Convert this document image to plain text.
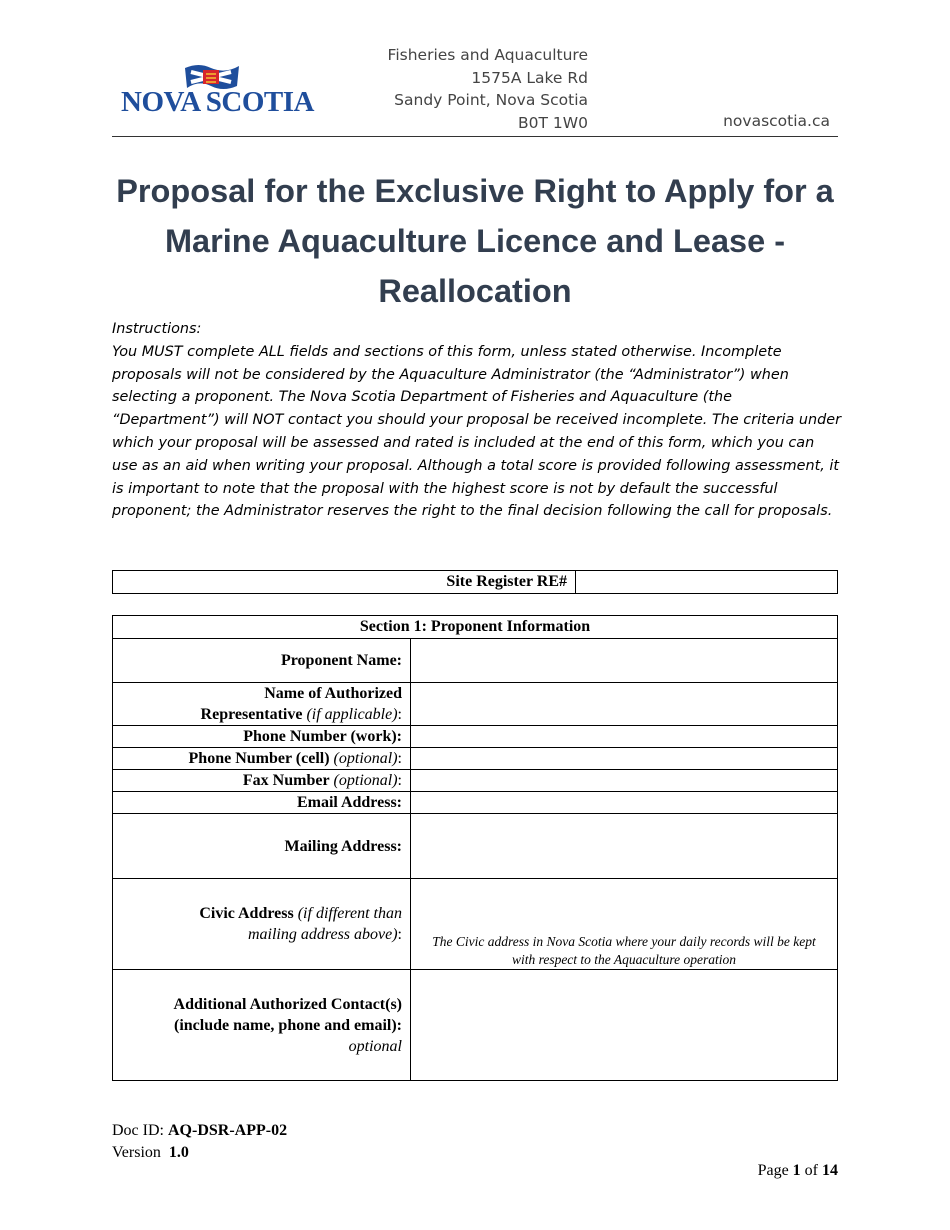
NOVA SCOTIA
Fisheries and Aquaculture
1575A Lake Rd
Sandy Point, Nova Scotia
B0T 1W0	novascotia.ca
Proposal for the Exclusive Right to Apply for a Marine Aquaculture Licence and Lease - Reallocation

Instructions:

You MUST complete ALL fields and sections of this form, unless stated otherwise. Incomplete proposals will not be considered by the Aquaculture Administrator (the “Administrator”) when selecting a proponent. The Nova Scotia Department of Fisheries and Aquaculture (the “Department”) will NOT contact you should your proposal be received incomplete. The criteria under which your proposal will be assessed and rated is included at the end of this form, which you can use as an aid when writing your proposal. Although a total score is provided following assessment, it is important to note that the proposal with the highest score is not by default the successful proponent; the Administrator reserves the right to the final decision following the call for proposals.

Site Register RE#	
Section 1: Proponent Information	
Proponent Name:	
Name of Authorized
Representative (if applicable):	
Phone Number (work):	
Phone Number (cell) (optional):	
Fax Number (optional):	
Email Address:	
Mailing Address:	
Civic Address (if different than
mailing address above):	The Civic address in Nova Scotia where your daily records will be kept with respect to the Aquaculture operation
Additional Authorized Contact(s)
(include name, phone and email):
optional	
Doc ID: AQ-DSR-APP-02
Version 1.0
Page 1 of 14
